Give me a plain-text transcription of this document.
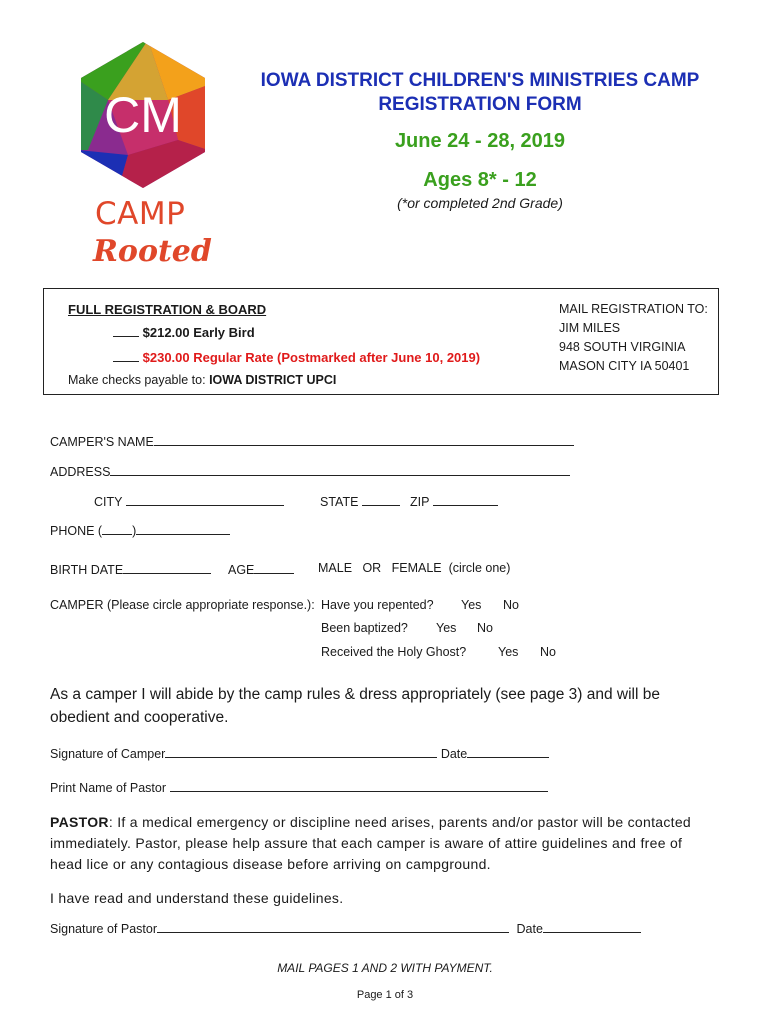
CM
CAMP
Rooted
IOWA DISTRICT CHILDREN'S MINISTRIES CAMP
REGISTRATION FORM
June 24 - 28, 2019
Ages 8* - 12
(*or completed 2nd Grade)
FULL REGISTRATION & BOARD
$212.00 Early Bird
$230.00 Regular Rate (Postmarked after June 10, 2019)
Make checks payable to: IOWA DISTRICT UPCI
MAIL REGISTRATION TO:
JIM MILES
948 SOUTH VIRGINIA
MASON CITY IA 50401
CAMPER'S NAME
ADDRESS
CITY	STATE	ZIP
PHONE ( )
BIRTH DATE	AGE	MALE   OR   FEMALE  (circle one)
CAMPER (Please circle appropriate response.): Have you repented? Yes No
Been baptized? Yes No
Received the Holy Ghost?	Yes No
As a camper I will abide by the camp rules & dress appropriately (see page 3) and will be obedient and cooperative.
Signature of Camper	Date
Print Name of Pastor
PASTOR: If a medical emergency or discipline need arises, parents and/or pastor will be contacted immediately. Pastor, please help assure that each camper is aware of attire guidelines and free of head lice or any contagious disease before arriving on campground.
I have read and understand these guidelines.
Signature of Pastor	Date
MAIL PAGES 1 AND 2 WITH PAYMENT.
Page 1 of 3
